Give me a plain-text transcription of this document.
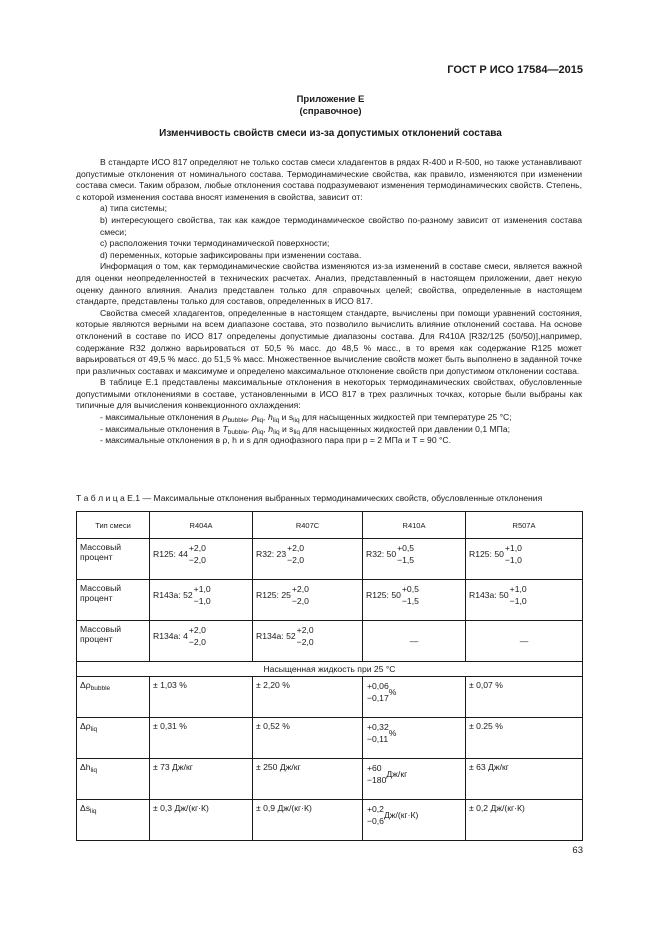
ГОСТ Р ИСО 17584—2015
Приложение Е
(справочное)
Изменчивость свойств смеси из-за допустимых отклонений состава

В стандарте ИСО 817 определяют не только состав смеси хладагентов в рядах R-400 и R-500, но также устанавливают допустимые отклонения от номинального состава. Термодинамические свойства, как правило, изменяются при изменении состава смеси. Таким образом, любые отклонения состава подразумевают изменения термодинамических свойств. Степень, с которой изменения состава вносят изменения в свойства, зависит от:

а) типа системы;

b) интересующего свойства, так как каждое термодинамическое свойство по-разному зависит от изменения состава смеси;

с) расположения точки термодинамической поверхности;

d) переменных, которые зафиксированы при изменении состава.

Информация о том, как термодинамические свойства изменяются из-за изменений в составе смеси, является важной для оценки неопределенностей в технических расчетах. Анализ, представленный в настоящем приложении, дает некую оценку данного влияния. Анализ представлен только для справочных целей; свойства, определенные в настоящем стандарте, представлены только для составов, определенных в ИСО 817.

Свойства смесей хладагентов, определенные в настоящем стандарте, вычислены при помощи уравнений состояния, которые являются верными на всем диапазоне состава, это позволило вычислить влияние отклонений состава. На основе отклонений в составе по ИСО 817 определены допустимые диапазоны состава. Для R410A [R32/125 (50/50)],например, содержание R32 должно варьироваться от 50,5 % масс. до 48,5 % масс., в то время как содержание R125 может варьироваться от 49,5 % масс. до 51,5 % масс. Множественное вычисление свойств может быть выполнено в заданной точке при различных составах и максимуме и определено максимальное отклонение свойств при допустимом отклонении состава.

В таблице Е.1 представлены максимальные отклонения в некоторых термодинамических свойствах, обусловленные допустимыми отклонениями в составе, установленными в ИСО 817 в трех различных точках, которые были выбраны как типичные для вычисления конвекционного охлаждения:

- максимальные отклонения в $\rho_{bubble}$, $\rho_{liq}$, $h_{liq}$ и $s_{liq}$ для насыщенных жидкостей при температуре 25 °С;

- максимальные отклонения в $T_{bubble}$, $\rho_{liq}$, $h_{liq}$ и $s_{liq}$ для насыщенных жидкостей при давлении 0,1 МПа;

- максимальные отклонения в ρ, h и s для однофазного пара при p = 2 МПа и T = 90 °С.

Т а б л и ц а Е.1 — Максимальные отклонения выбранных термодинамических свойств, обусловленные отклонения
Тип смеси	R404A	R407C	R410A	R507A
Массовый процент	R125: 44
+2,0
−2,0	R32: 23
+2,0
−2,0	R32: 50
+0,5
−1,5	R125: 50
+1,0
−1,0

Массовый процент	R143a: 52
+1,0
−1,0	R125: 25
+2,0
−2,0	R125: 50
+0,5
−1,5	R143a: 50
+1,0
−1,0

Массовый процент	R134a: 4
+2,0
−2,0	R134a: 52
+2,0
−2,0	—	—
Насыщенная жидкость при 25 °С				
$\Delta\rho_{bubble}$	± 1,03 %	± 2,20 %	+0,06
−0,17
%	± 0,07 %
$\Delta\rho_{liq}$	± 0,31 %	± 0,52 %	+0,32
−0,11
%	± 0.25 %
$\Delta h_{liq}$	± 73 Дж/кг	± 250 Дж/кг	+60
−180
Дж/кг	± 63 Дж/кг
$\Delta s_{liq}$	± 0,3 Дж/(кг·К)	± 0,9 Дж/(кг·К)	+0,2
−0,6
Дж/(кг·К)	± 0,2 Дж/(кг·К)
63
